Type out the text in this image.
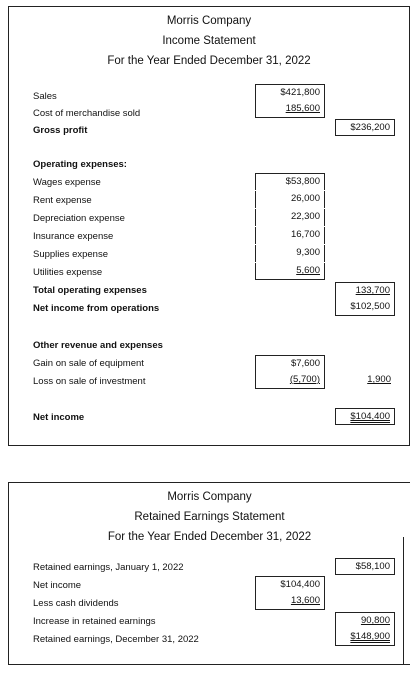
Morris Company
Income Statement
For the Year Ended December 31, 2022
Sales	$421,800
Cost of merchandise sold	185,600
Gross profit	$236,200
Operating expenses:
Wages expense	$53,800
Rent expense	26,000
Depreciation expense	22,300
Insurance expense	16,700
Supplies expense	9,300
Utilities expense	5,600
Total operating expenses	133,700
Net income from operations	$102,500
Other revenue and expenses
Gain on sale of equipment	$7,600
Loss on sale of investment	(5,700)	1,900
Net income	$104,400
Morris Company
Retained Earnings Statement
For the Year Ended December 31, 2022
Retained earnings, January 1, 2022	$58,100
Net income	$104,400
Less cash dividends	13,600
Increase in retained earnings	90,800
Retained earnings, December 31, 2022	$148,900
